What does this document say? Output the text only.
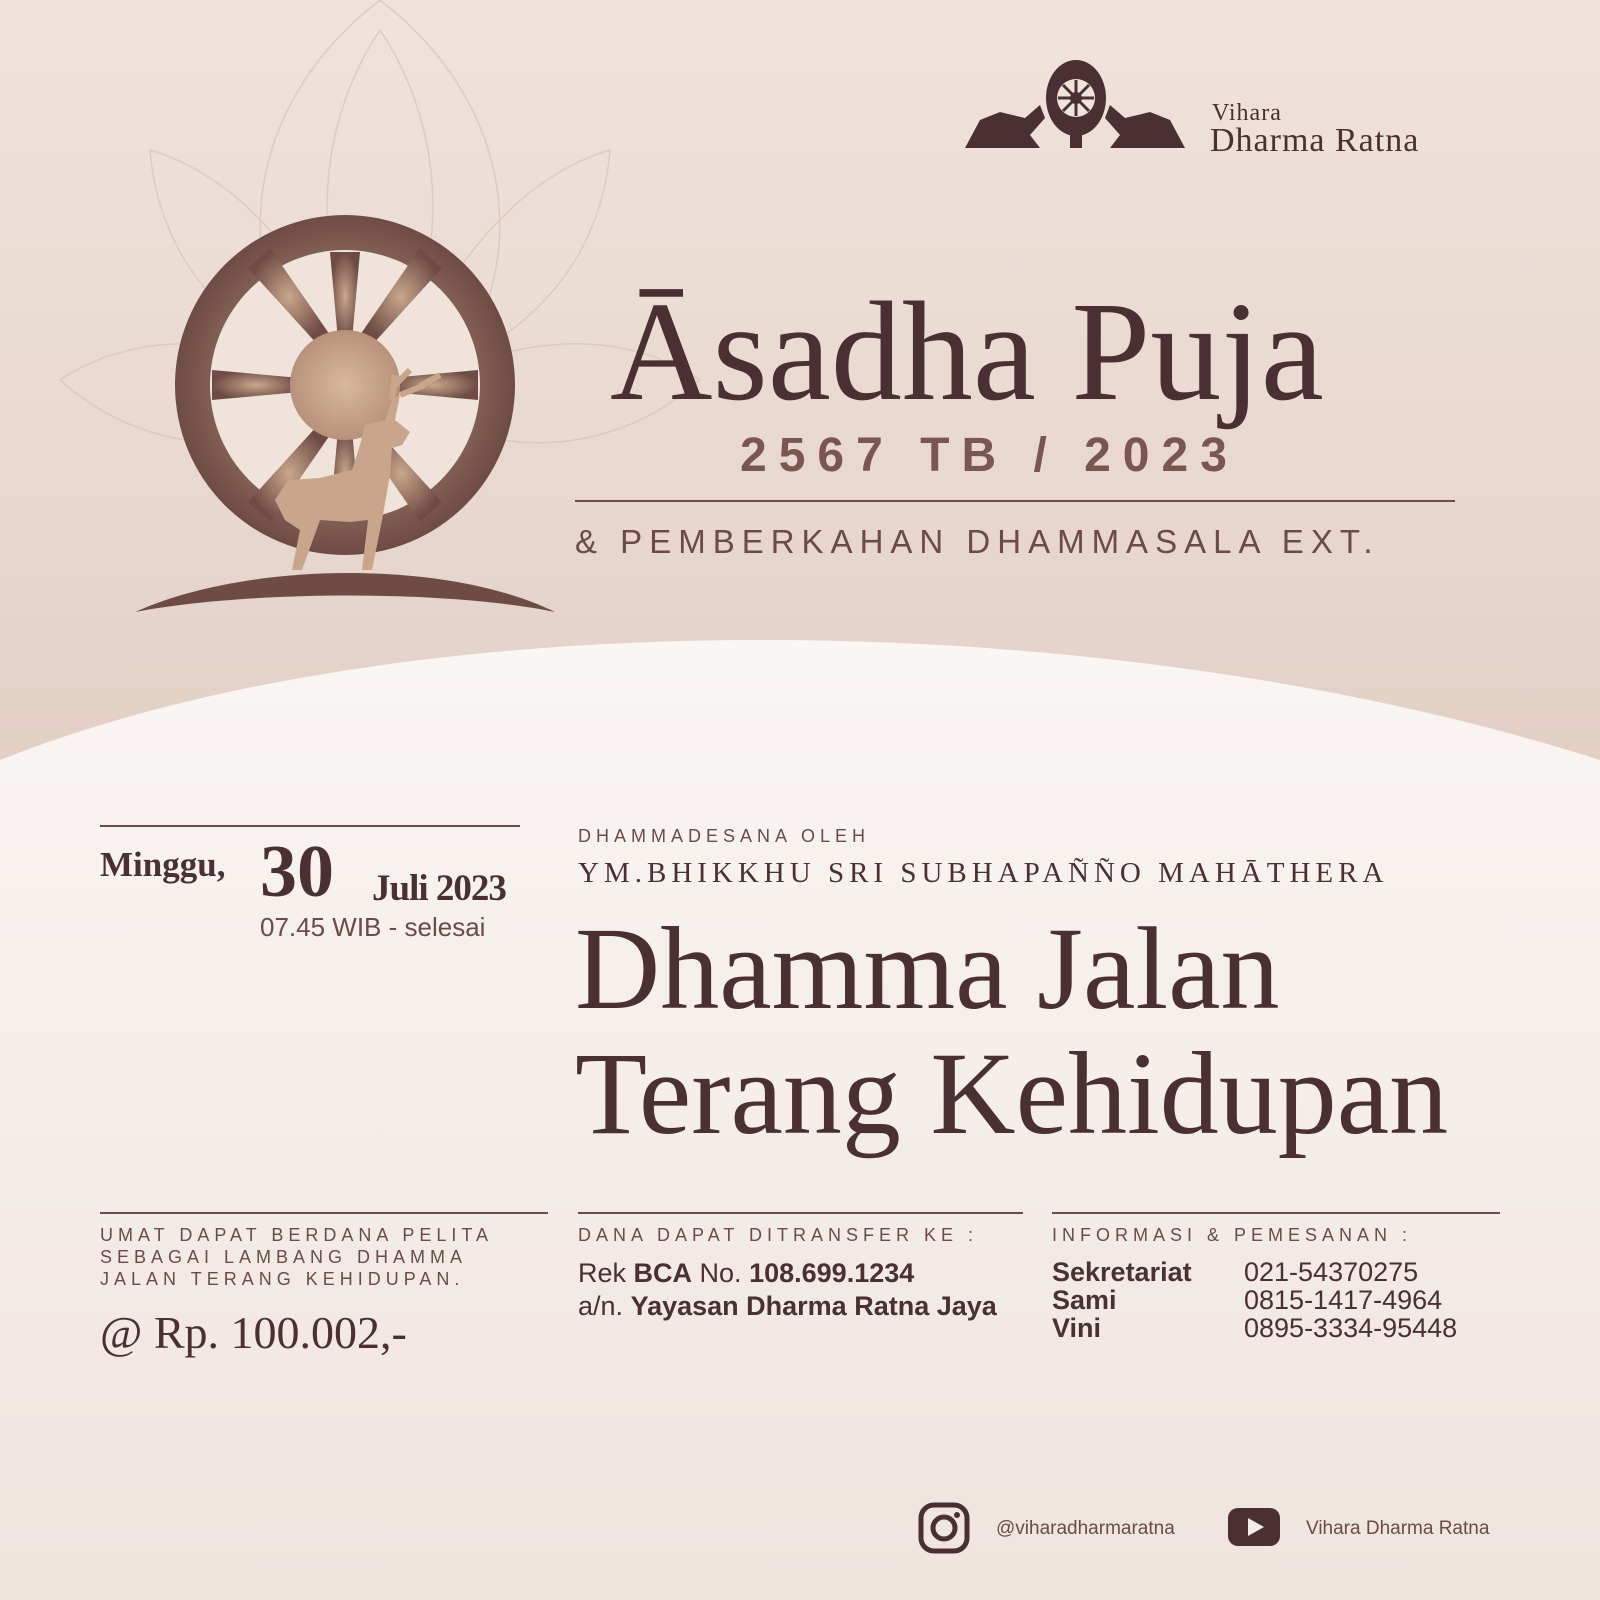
Vihara
Dharma Ratna
Āsadha Puja
2567 TB / 2023
& PEMBERKAHAN DHAMMASALA EXT.
Minggu, 30 Juli 2023
07.45 WIB - selesai
DHAMMADESANA OLEH
YM.BHIKKHU SRI SUBHAPAÑÑO MAHĀTHERA
Dhamma Jalan
Terang Kehidupan
UMAT DAPAT BERDANA PELITA
SEBAGAI LAMBANG DHAMMA
JALAN TERANG KEHIDUPAN.
@ Rp. 100.002,-
DANA DAPAT DITRANSFER KE :
Rek BCA No. 108.699.1234
a/n. Yayasan Dharma Ratna Jaya
INFORMASI & PEMESANAN :
Sekretariat 021-54370275
Sami	0815-1417-4964
Vini	0895-3334-95448
@viharadharmaratna	Vihara Dharma Ratna
